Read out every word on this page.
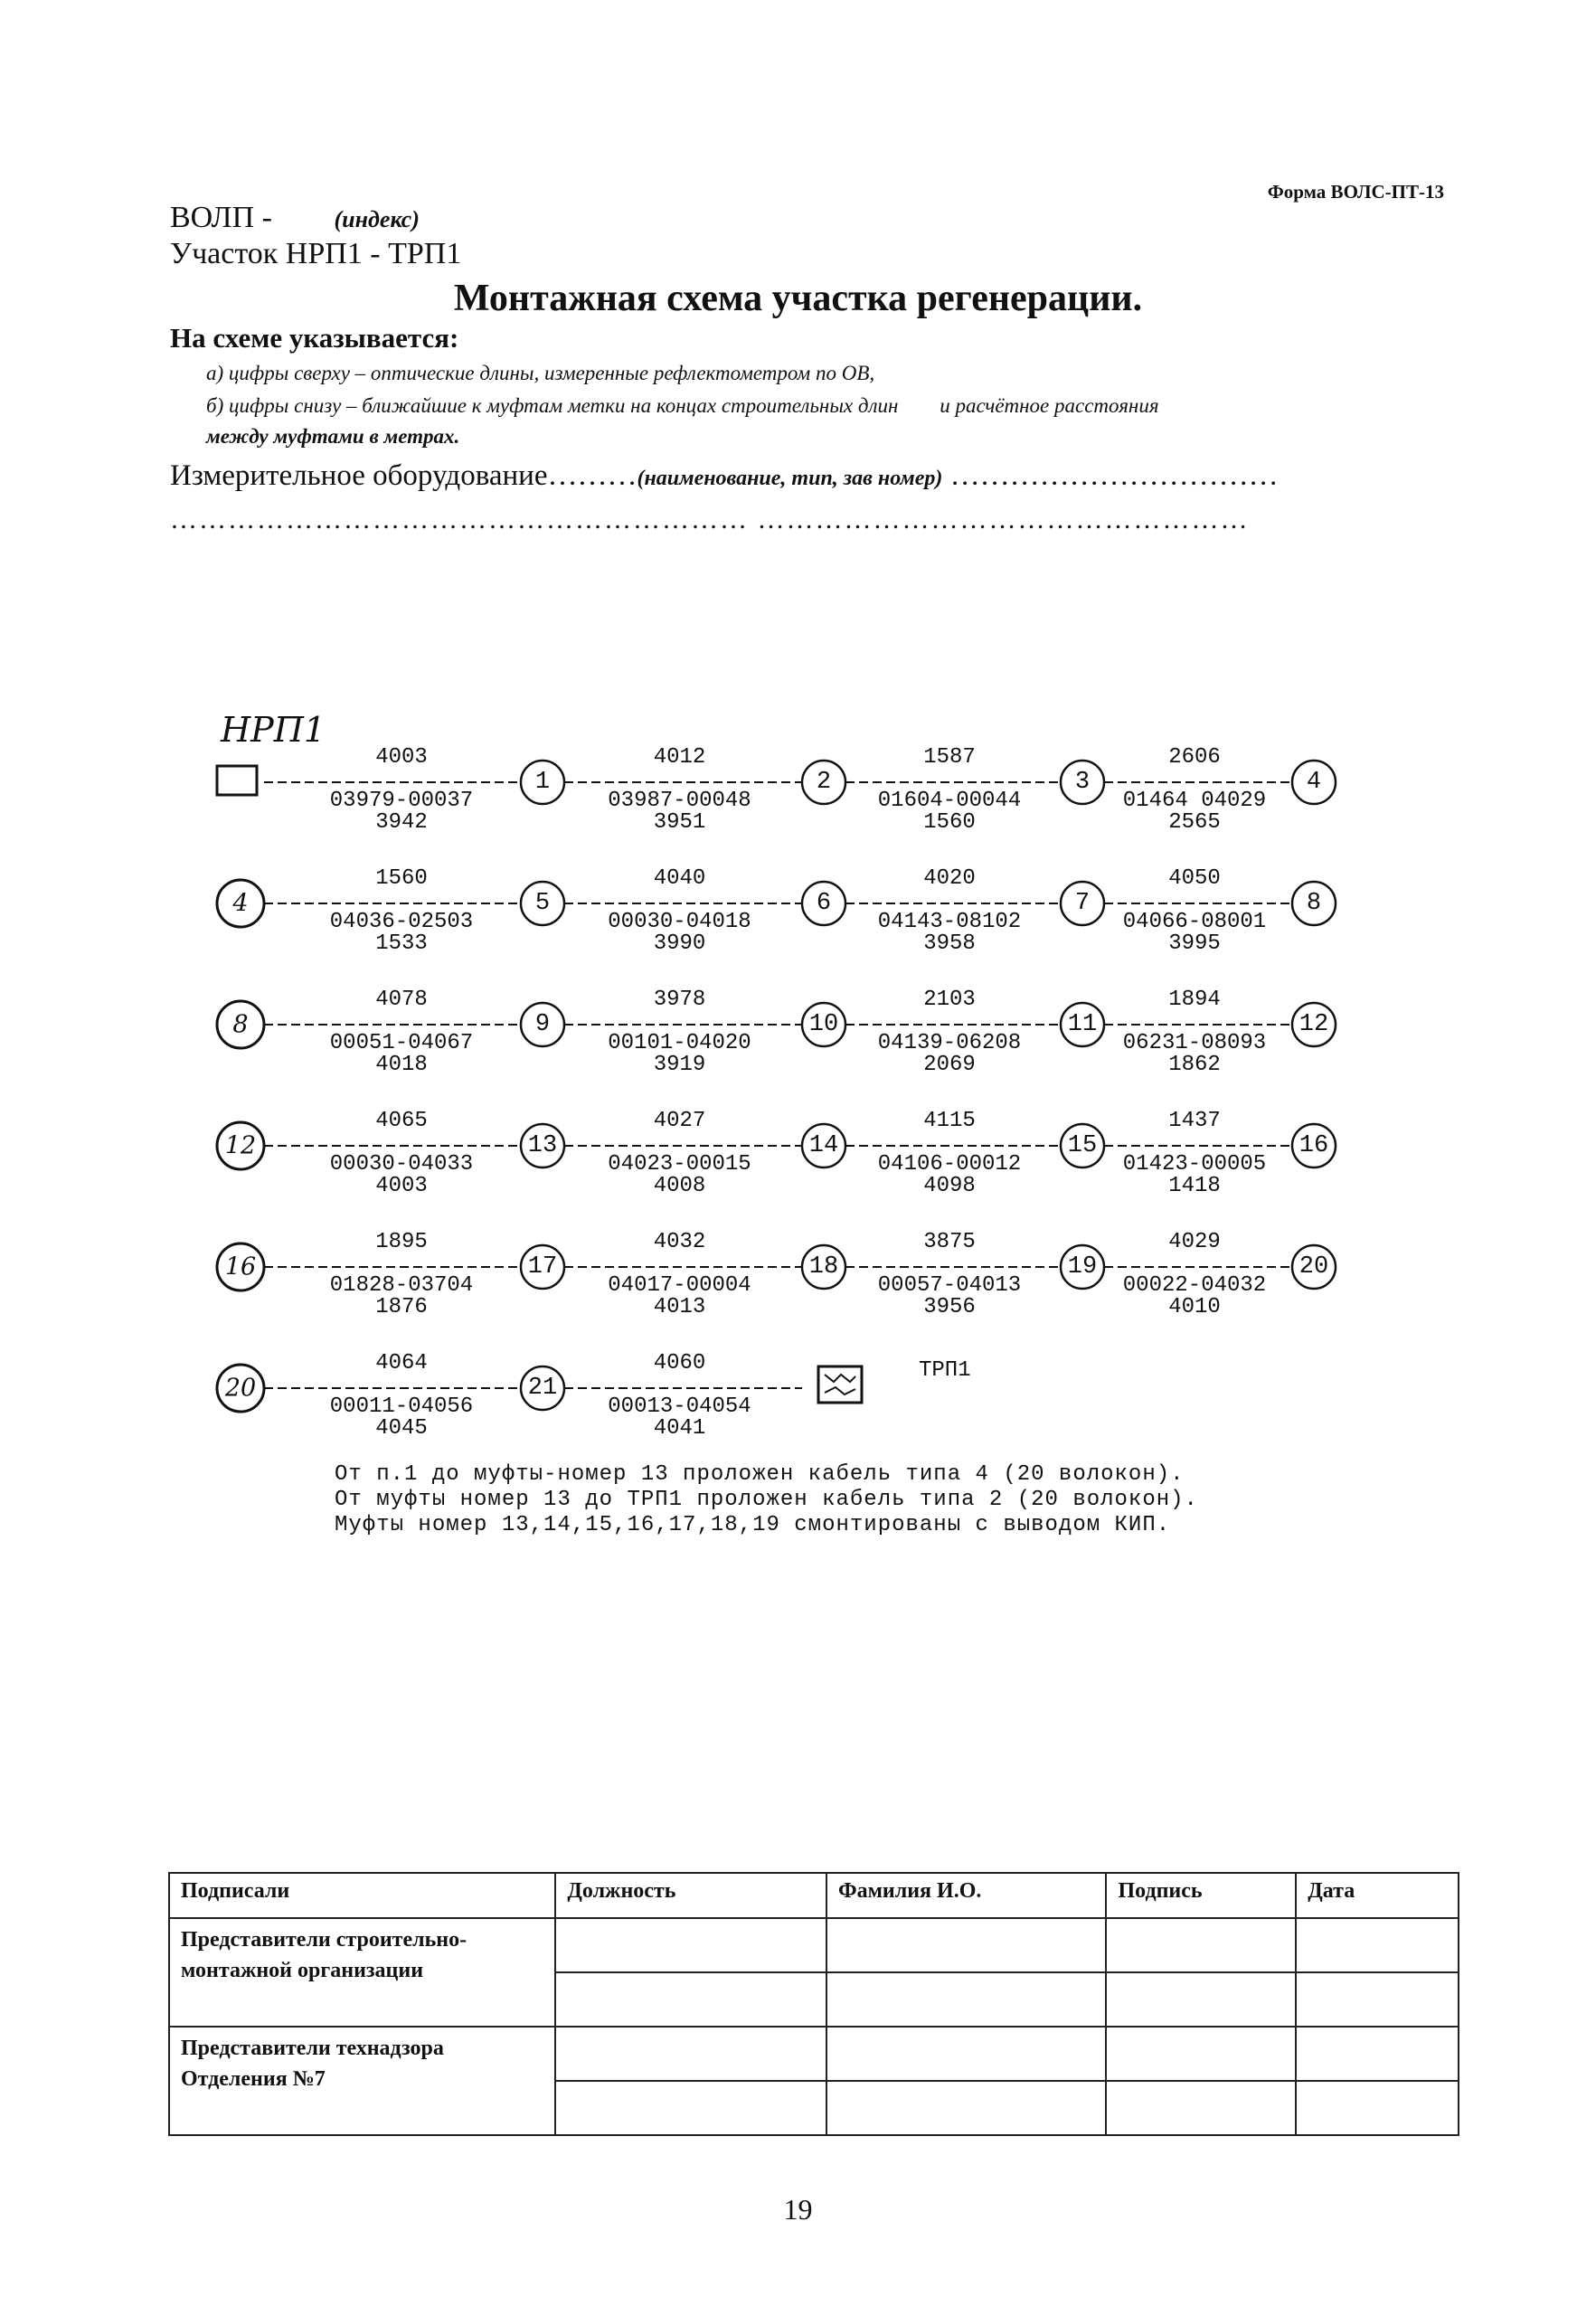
Форма ВОЛС-ПТ-13
ВОЛП -	(индекс)
Участок НРП1 - ТРП1
Монтажная схема участка регенерации.
На схеме указывается:
а) цифры сверху – оптические длины, измеренные рефлектометром по ОВ,
б) цифры снизу – ближайшие к муфтам метки на концах строительных длин и расчётное расстояния
между муфтами в метрах.
Измерительное оборудование………(наименование, тип, зав номер) ……………………………
…………………………………………………… ……………………………………………
НРП1
4003
03979-00037
3942
1
4012
03987-00048
3951
2
1587
01604-00044
1560
3
2606
01464 04029
2565
4
4
1560
04036-02503
1533
5
4040
00030-04018
3990
6
4020
04143-08102
3958
7
4050
04066-08001
3995
8
8
4078
00051-04067
4018
9
3978
00101-04020
3919
10
2103
04139-06208
2069
11
1894
06231-08093
1862
12
12
4065
00030-04033
4003
13
4027
04023-00015
4008
14
4115
04106-00012
4098
15
1437
01423-00005
1418
16
16
1895
01828-03704
1876
17
4032
04017-00004
4013
18
3875
00057-04013
3956
19
4029
00022-04032
4010
20
20
4064
00011-04056
4045
21
4060
00013-04054
4041
ТРП1
От п.1 до муфты-номер 13 проложен кабель типа 4 (20 волокон).
От муфты номер 13 до ТРП1 проложен кабель типа 2 (20 волокон).
Муфты номер 13,14,15,16,17,18,19 смонтированы с выводом КИП.
Подписали	Должность	Фамилия И.О.	Подпись	Дата
Представители строительно-монтажной организации				

Представители технадзора Отделения №7				

19
